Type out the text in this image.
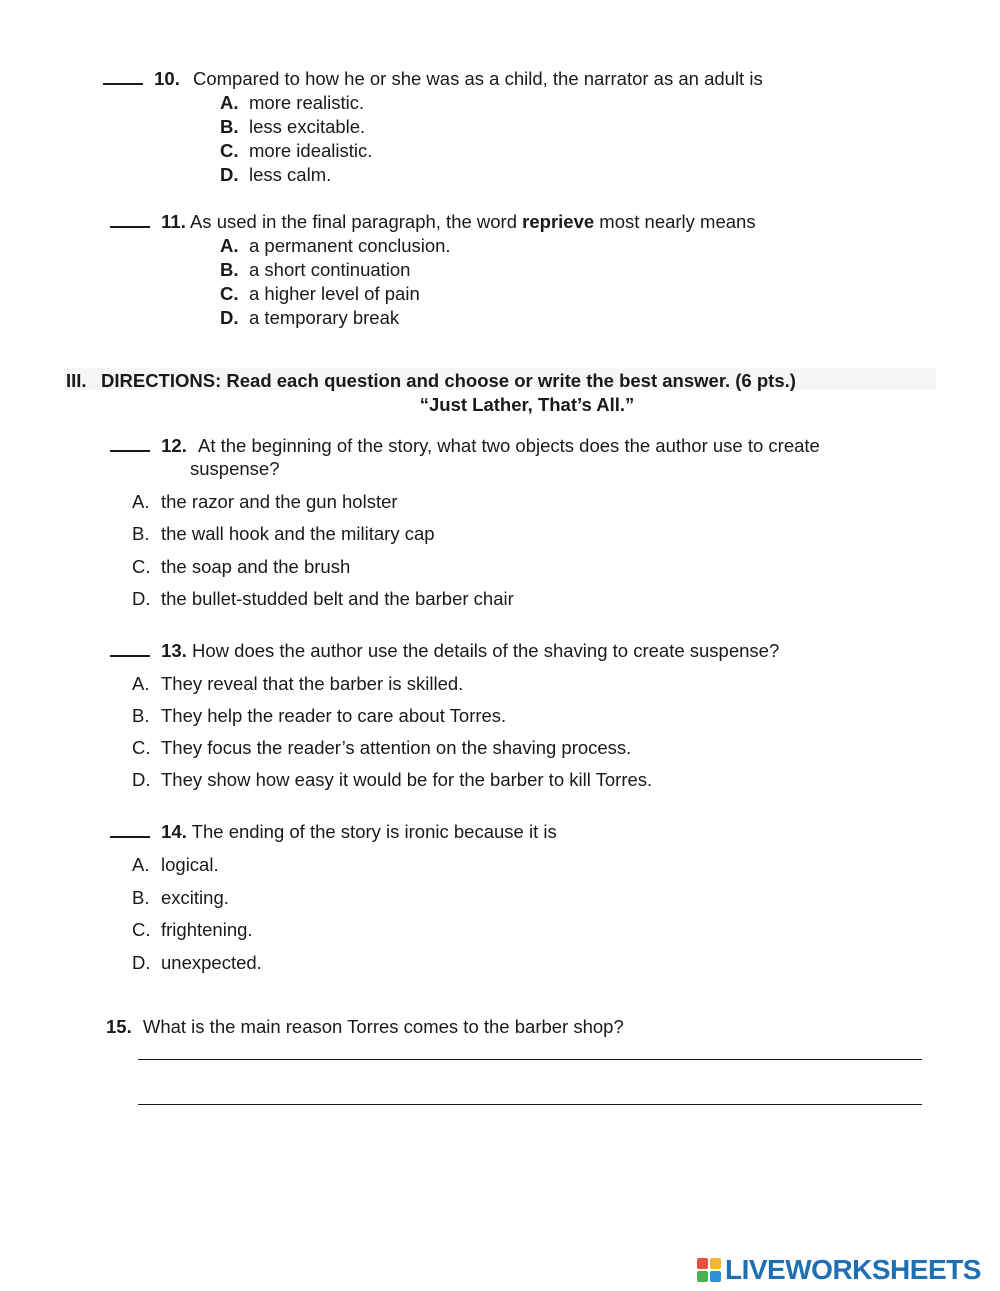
10. Compared to how he or she was as a child, the narrator as an adult is
A. more realistic.
B. less excitable.
C. more idealistic.
D. less calm.
11. As used in the final paragraph, the word reprieve most nearly means
A. a permanent conclusion.
B. a short continuation
C. a higher level of pain
D. a temporary break
III. DIRECTIONS: Read each question and choose or write the best answer. (6 pts.)
“Just Lather, That’s All.”
12. At the beginning of the story, what two objects does the author use to create
suspense?
A. the razor and the gun holster
B. the wall hook and the military cap
C. the soap and the brush
D. the bullet-studded belt and the barber chair
13. How does the author use the details of the shaving to create suspense?
A. They reveal that the barber is skilled.
B. They help the reader to care about Torres.
C. They focus the reader’s attention on the shaving process.
D. They show how easy it would be for the barber to kill Torres.
14. The ending of the story is ironic because it is
A. logical.
B. exciting.
C. frightening.
D. unexpected.
15. What is the main reason Torres comes to the barber shop?
LIVEWORKSHEETS
